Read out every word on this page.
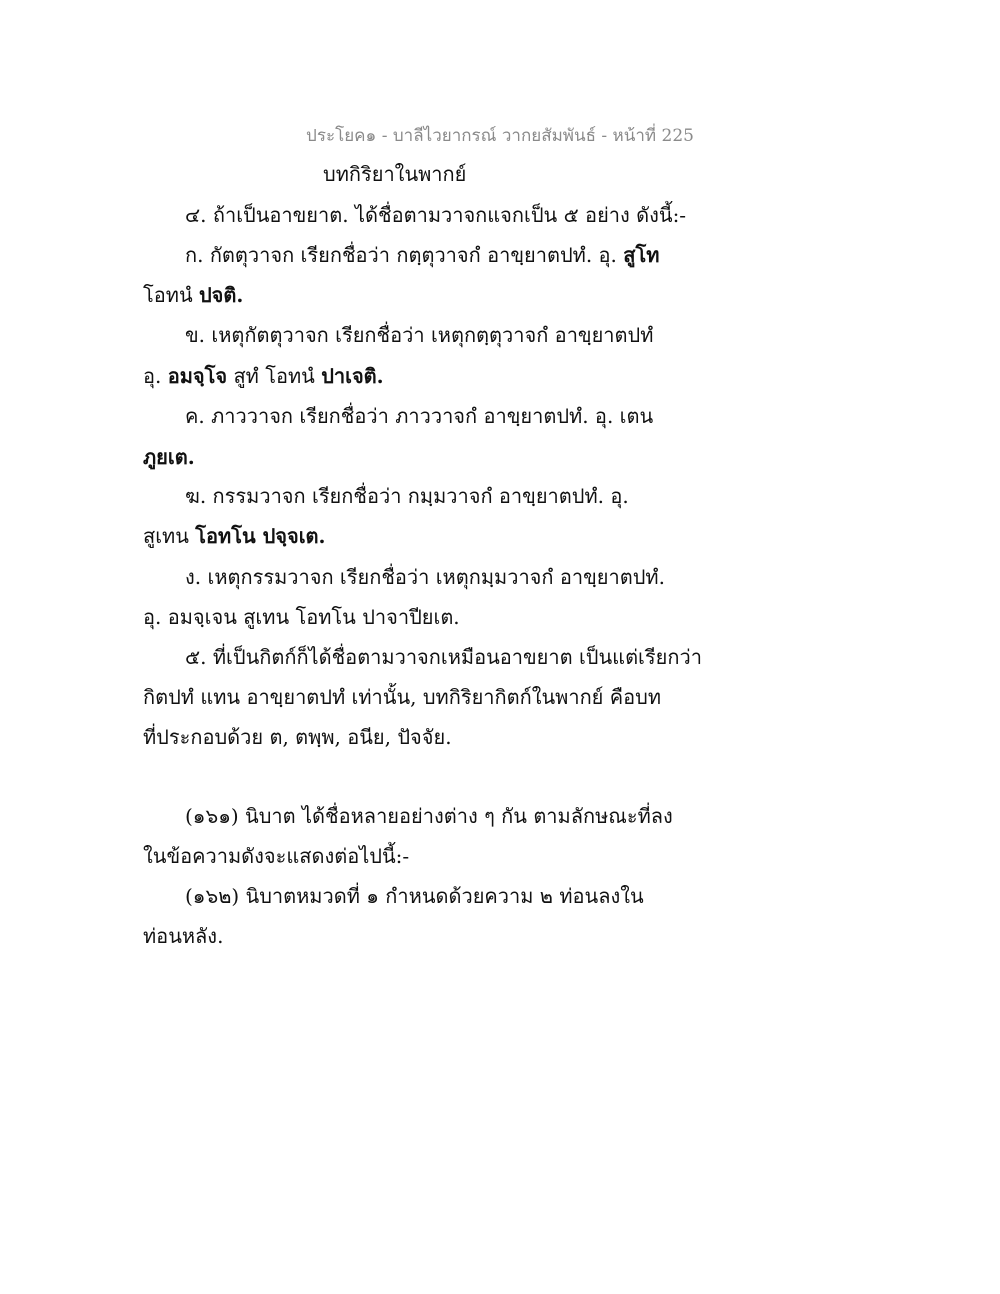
ประโยค๑ - บาลีไวยากรณ์ วากยสัมพันธ์ - หน้าที่ 225
บทกิริยาในพากย์
๔. ถ้าเป็นอาขยาต. ได้ชื่อตามวาจกแจกเป็น ๕ อย่าง ดังนี้:-
ก. กัตตุวาจก เรียกชื่อว่า กตฺตุวาจกํ อาขฺยาตปทํ. อุ. สูโท
โอทนํ ปจติ.
ข. เหตุกัตตุวาจก เรียกชื่อว่า เหตุกตฺตุวาจกํ อาขฺยาตปทํ
อุ. อมจฺโจ สูทํ โอทนํ ปาเจติ.
ค. ภาววาจก เรียกชื่อว่า ภาววาจกํ อาขฺยาตปทํ. อุ. เตน
ภูยเต.
ฆ. กรรมวาจก เรียกชื่อว่า กมฺมวาจกํ อาขฺยาตปทํ. อุ.
สูเทน โอทโน ปจฺจเต.
ง. เหตุกรรมวาจก เรียกชื่อว่า เหตุกมฺมวาจกํ อาขฺยาตปทํ.
อุ. อมจฺเจน สูเทน โอทโน ปาจาปียเต.
๕. ที่เป็นกิตก์ก็ได้ชื่อตามวาจกเหมือนอาขยาต เป็นแต่เรียกว่า
กิตปทํ แทน อาขฺยาตปทํ เท่านั้น, บทกิริยากิตก์ในพากย์ คือบท
ที่ประกอบด้วย ต, ตพฺพ, อนีย, ปัจจัย.
(๑๖๑) นิบาต ได้ชื่อหลายอย่างต่าง ๆ กัน ตามลักษณะที่ลง
ในข้อความดังจะแสดงต่อไปนี้:-
(๑๖๒) นิบาตหมวดที่ ๑ กำหนดด้วยความ ๒ ท่อนลงใน
ท่อนหลัง.
